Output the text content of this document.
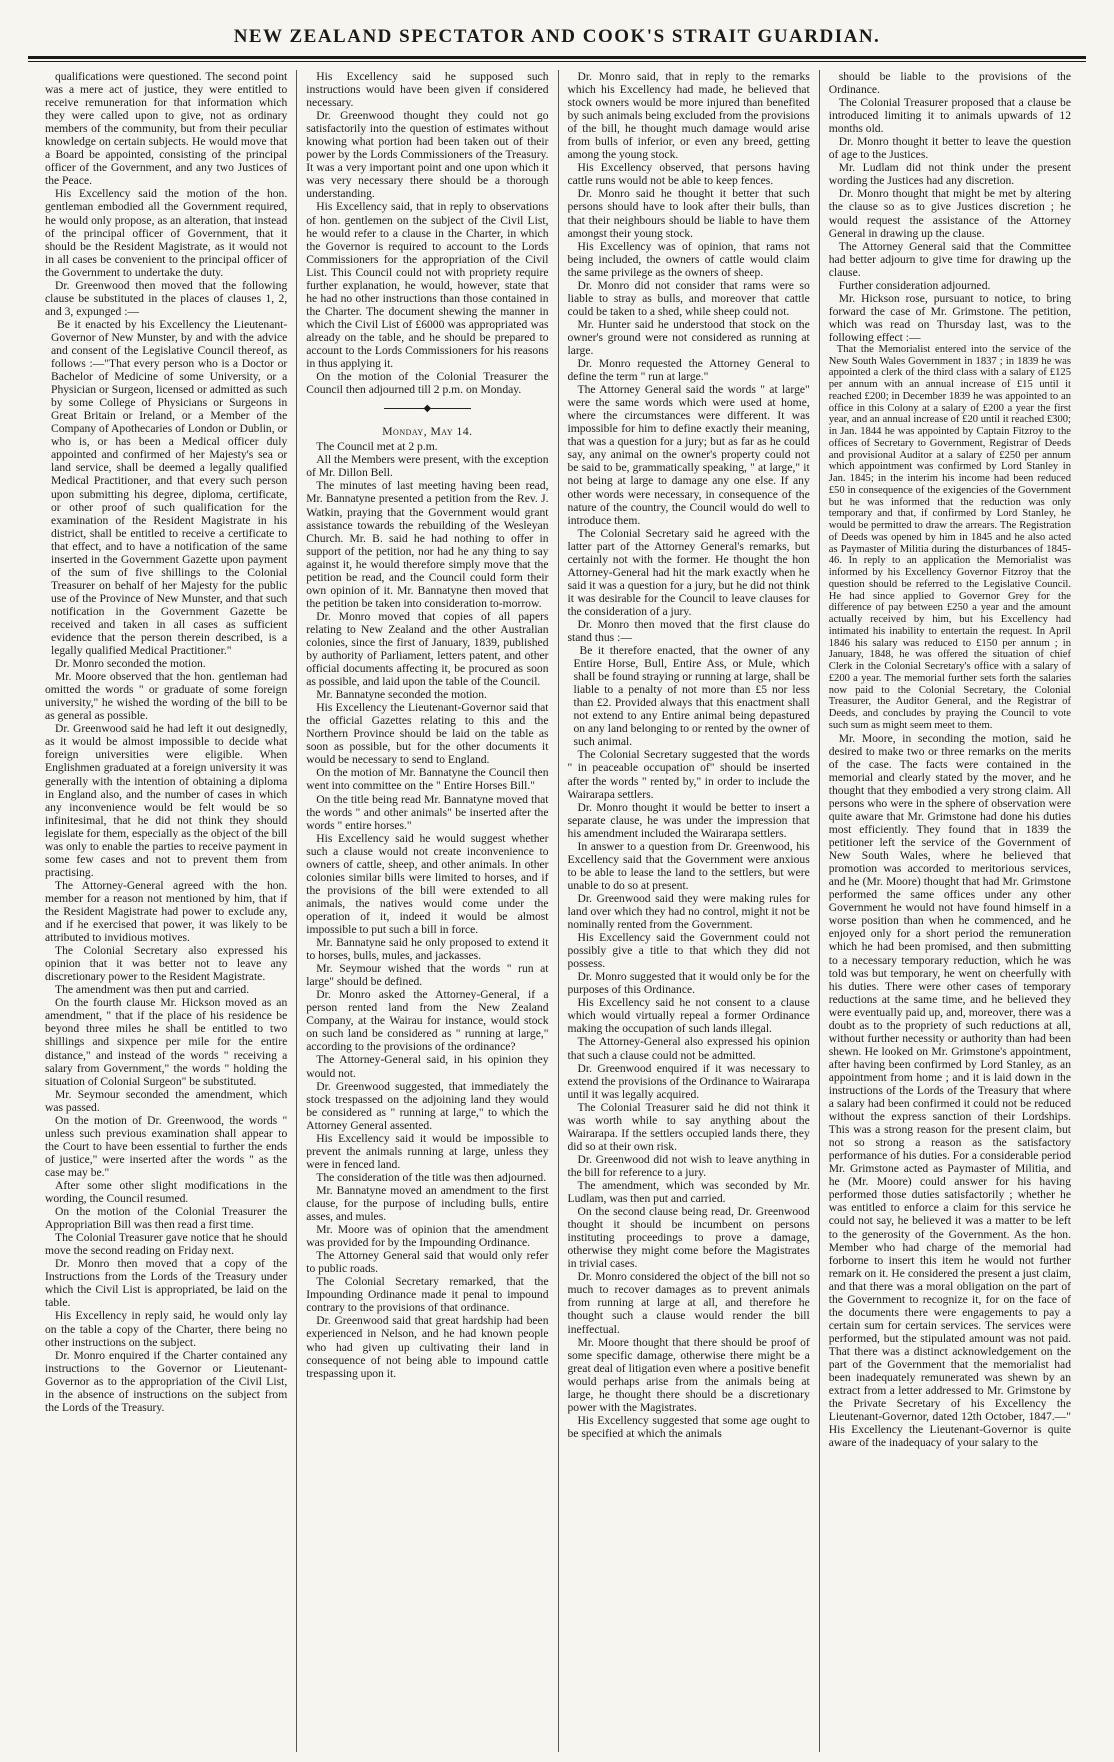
NEW ZEALAND SPECTATOR AND COOK'S STRAIT GUARDIAN.

qualifications were questioned. The second point was a mere act of justice, they were entitled to receive remuneration for that information which they were called upon to give, not as ordinary members of the community, but from their peculiar knowledge on certain subjects. He would move that a Board be appointed, consisting of the principal officer of the Government, and any two Justices of the Peace.

His Excellency said the motion of the hon. gentleman embodied all the Government required, he would only propose, as an alteration, that instead of the principal officer of Government, that it should be the Resident Magistrate, as it would not in all cases be convenient to the principal officer of the Government to undertake the duty.

Dr. Greenwood then moved that the following clause be substituted in the places of clauses 1, 2, and 3, expunged :—

Be it enacted by his Excellency the Lieutenant-Governor of New Munster, by and with the advice and consent of the Legislative Council thereof, as follows :—"That every person who is a Doctor or Bachelor of Medicine of some University, or a Physician or Surgeon, licensed or admitted as such by some College of Physicians or Surgeons in Great Britain or Ireland, or a Member of the Company of Apothecaries of London or Dublin, or who is, or has been a Medical officer duly appointed and confirmed of her Majesty's sea or land service, shall be deemed a legally qualified Medical Practitioner, and that every such person upon submitting his degree, diploma, certificate, or other proof of such qualification for the examination of the Resident Magistrate in his district, shall be entitled to receive a certificate to that effect, and to have a notification of the same inserted in the Government Gazette upon payment of the sum of five shillings to the Colonial Treasurer on behalf of her Majesty for the public use of the Province of New Munster, and that such notification in the Government Gazette be received and taken in all cases as sufficient evidence that the person therein described, is a legally qualified Medical Practitioner."

Dr. Monro seconded the motion.

Mr. Moore observed that the hon. gentleman had omitted the words " or graduate of some foreign university," he wished the wording of the bill to be as general as possible.

Dr. Greenwood said he had left it out designedly, as it would be almost impossible to decide what foreign universities were eligible. When Englishmen graduated at a foreign university it was generally with the intention of obtaining a diploma in England also, and the number of cases in which any inconvenience would be felt would be so infinitesimal, that he did not think they should legislate for them, especially as the object of the bill was only to enable the parties to receive payment in some few cases and not to prevent them from practising.

The Attorney-General agreed with the hon. member for a reason not mentioned by him, that if the Resident Magistrate had power to exclude any, and if he exercised that power, it was likely to be attributed to invidious motives.

The Colonial Secretary also expressed his opinion that it was better not to leave any discretionary power to the Resident Magistrate.

The amendment was then put and carried.

On the fourth clause Mr. Hickson moved as an amendment, " that if the place of his residence be beyond three miles he shall be entitled to two shillings and sixpence per mile for the entire distance," and instead of the words " receiving a salary from Government," the words " holding the situation of Colonial Surgeon" be substituted.

Mr. Seymour seconded the amendment, which was passed.

On the motion of Dr. Greenwood, the words " unless such previous examination shall appear to the Court to have been essential to further the ends of justice," were inserted after the words " as the case may be."

After some other slight modifications in the wording, the Council resumed.

On the motion of the Colonial Treasurer the Appropriation Bill was then read a first time.

The Colonial Treasurer gave notice that he should move the second reading on Friday next.

Dr. Monro then moved that a copy of the Instructions from the Lords of the Treasury under which the Civil List is appropriated, be laid on the table.

His Excellency in reply said, he would only lay on the table a copy of the Charter, there being no other instructions on the subject.

Dr. Monro enquired if the Charter contained any instructions to the Governor or Lieutenant-Governor as to the appropriation of the Civil List, in the absence of instructions on the subject from the Lords of the Treasury.

His Excellency said he supposed such instructions would have been given if considered necessary.

Dr. Greenwood thought they could not go satisfactorily into the question of estimates without knowing what portion had been taken out of their power by the Lords Commissioners of the Treasury. It was a very important point and one upon which it was very necessary there should be a thorough understanding.

His Excellency said, that in reply to observations of hon. gentlemen on the subject of the Civil List, he would refer to a clause in the Charter, in which the Governor is required to account to the Lords Commissioners for the appropriation of the Civil List. This Council could not with propriety require further explanation, he would, however, state that he had no other instructions than those contained in the Charter. The document shewing the manner in which the Civil List of £6000 was appropriated was already on the table, and he should be prepared to account to the Lords Commissioners for his reasons in thus applying it.

On the motion of the Colonial Treasurer the Council then adjourned till 2 p.m. on Monday.

◆

Monday, May 14.

The Council met at 2 p.m.

All the Members were present, with the exception of Mr. Dillon Bell.

The minutes of last meeting having been read, Mr. Bannatyne presented a petition from the Rev. J. Watkin, praying that the Government would grant assistance towards the rebuilding of the Wesleyan Church. Mr. B. said he had nothing to offer in support of the petition, nor had he any thing to say against it, he would therefore simply move that the petition be read, and the Council could form their own opinion of it. Mr. Bannatyne then moved that the petition be taken into consideration to-morrow.

Dr. Monro moved that copies of all papers relating to New Zealand and the other Australian colonies, since the first of January, 1839, published by authority of Parliament, letters patent, and other official documents affecting it, be procured as soon as possible, and laid upon the table of the Council.

Mr. Bannatyne seconded the motion.

His Excellency the Lieutenant-Governor said that the official Gazettes relating to this and the Northern Province should be laid on the table as soon as possible, but for the other documents it would be necessary to send to England.

On the motion of Mr. Bannatyne the Council then went into committee on the " Entire Horses Bill."

On the title being read Mr. Bannatyne moved that the words " and other animals" be inserted after the words " entire horses."

His Excellency said he would suggest whether such a clause would not create inconvenience to owners of cattle, sheep, and other animals. In other colonies similar bills were limited to horses, and if the provisions of the bill were extended to all animals, the natives would come under the operation of it, indeed it would be almost impossible to put such a bill in force.

Mr. Bannatyne said he only proposed to extend it to horses, bulls, mules, and jackasses.

Mr. Seymour wished that the words " run at large" should be defined.

Dr. Monro asked the Attorney-General, if a person rented land from the New Zealand Company, at the Wairau for instance, would stock on such land be considered as " running at large," according to the provisions of the ordinance?

The Attorney-General said, in his opinion they would not.

Dr. Greenwood suggested, that immediately the stock trespassed on the adjoining land they would be considered as " running at large," to which the Attorney General assented.

His Excellency said it would be impossible to prevent the animals running at large, unless they were in fenced land.

The consideration of the title was then adjourned.

Mr. Bannatyne moved an amendment to the first clause, for the purpose of including bulls, entire asses, and mules.

Mr. Moore was of opinion that the amendment was provided for by the Impounding Ordinance.

The Attorney General said that would only refer to public roads.

The Colonial Secretary remarked, that the Impounding Ordinance made it penal to impound contrary to the provisions of that ordinance.

Dr. Greenwood said that great hardship had been experienced in Nelson, and he had known people who had given up cultivating their land in consequence of not being able to impound cattle trespassing upon it.

Dr. Monro said, that in reply to the remarks which his Excellency had made, he believed that stock owners would be more injured than benefited by such animals being excluded from the provisions of the bill, he thought much damage would arise from bulls of inferior, or even any breed, getting among the young stock.

His Excellency observed, that persons having cattle runs would not be able to keep fences.

Dr. Monro said he thought it better that such persons should have to look after their bulls, than that their neighbours should be liable to have them amongst their young stock.

His Excellency was of opinion, that rams not being included, the owners of cattle would claim the same privilege as the owners of sheep.

Dr. Monro did not consider that rams were so liable to stray as bulls, and moreover that cattle could be taken to a shed, while sheep could not.

Mr. Hunter said he understood that stock on the owner's ground were not considered as running at large.

Dr. Monro requested the Attorney General to define the term " run at large."

The Attorney General said the words " at large" were the same words which were used at home, where the circumstances were different. It was impossible for him to define exactly their meaning, that was a question for a jury; but as far as he could say, any animal on the owner's property could not be said to be, grammatically speaking, " at large," it not being at large to damage any one else. If any other words were necessary, in consequence of the nature of the country, the Council would do well to introduce them.

The Colonial Secretary said he agreed with the latter part of the Attorney General's remarks, but certainly not with the former. He thought the hon Attorney-General had hit the mark exactly when he said it was a question for a jury, but he did not think it was desirable for the Council to leave clauses for the consideration of a jury.

Dr. Monro then moved that the first clause do stand thus :—

Be it therefore enacted, that the owner of any Entire Horse, Bull, Entire Ass, or Mule, which shall be found straying or running at large, shall be liable to a penalty of not more than £5 nor less than £2. Provided always that this enactment shall not extend to any Entire animal being depastured on any land belonging to or rented by the owner of such animal.

The Colonial Secretary suggested that the words " in peaceable occupation of" should be inserted after the words " rented by," in order to include the Wairarapa settlers.

Dr. Monro thought it would be better to insert a separate clause, he was under the impression that his amendment included the Wairarapa settlers.

In answer to a question from Dr. Greenwood, his Excellency said that the Government were anxious to be able to lease the land to the settlers, but were unable to do so at present.

Dr. Greenwood said they were making rules for land over which they had no control, might it not be nominally rented from the Government.

His Excellency said the Government could not possibly give a title to that which they did not possess.

Dr. Monro suggested that it would only be for the purposes of this Ordinance.

His Excellency said he not consent to a clause which would virtually repeal a former Ordinance making the occupation of such lands illegal.

The Attorney-General also expressed his opinion that such a clause could not be admitted.

Dr. Greenwood enquired if it was necessary to extend the provisions of the Ordinance to Wairarapa until it was legally acquired.

The Colonial Treasurer said he did not think it was worth while to say anything about the Wairarapa. If the settlers occupied lands there, they did so at their own risk.

Dr. Greenwood did not wish to leave anything in the bill for reference to a jury.

The amendment, which was seconded by Mr. Ludlam, was then put and carried.

On the second clause being read, Dr. Greenwood thought it should be incumbent on persons instituting proceedings to prove a damage, otherwise they might come before the Magistrates in trivial cases.

Dr. Monro considered the object of the bill not so much to recover damages as to prevent animals from running at large at all, and therefore he thought such a clause would render the bill ineffectual.

Mr. Moore thought that there should be proof of some specific damage, otherwise there might be a great deal of litigation even where a positive benefit would perhaps arise from the animals being at large, he thought there should be a discretionary power with the Magistrates.

His Excellency suggested that some age ought to be specified at which the animals

should be liable to the provisions of the Ordinance.

The Colonial Treasurer proposed that a clause be introduced limiting it to animals upwards of 12 months old.

Dr. Monro thought it better to leave the question of age to the Justices.

Mr. Ludlam did not think under the present wording the Justices had any discretion.

Dr. Monro thought that might be met by altering the clause so as to give Justices discretion ; he would request the assistance of the Attorney General in drawing up the clause.

The Attorney General said that the Committee had better adjourn to give time for drawing up the clause.

Further consideration adjourned.

Mr. Hickson rose, pursuant to notice, to bring forward the case of Mr. Grimstone. The petition, which was read on Thursday last, was to the following effect :—

That the Memorialist entered into the service of the New South Wales Government in 1837 ; in 1839 he was appointed a clerk of the third class with a salary of £125 per annum with an annual increase of £15 until it reached £200; in December 1839 he was appointed to an office in this Colony at a salary of £200 a year the first year, and an annual increase of £20 until it reached £300; in Jan. 1844 he was appointed by Captain Fitzroy to the offices of Secretary to Government, Registrar of Deeds and provisional Auditor at a salary of £250 per annum which appointment was confirmed by Lord Stanley in Jan. 1845; in the interim his income had been reduced £50 in consequence of the exigencies of the Government but he was informed that the reduction was only temporary and that, if confirmed by Lord Stanley, he would be permitted to draw the arrears. The Registration of Deeds was opened by him in 1845 and he also acted as Paymaster of Militia during the disturbances of 1845-46. In reply to an application the Memorialist was informed by his Excellency Governor Fitzroy that the question should be referred to the Legislative Council. He had since applied to Governor Grey for the difference of pay between £250 a year and the amount actually received by him, but his Excellency had intimated his inability to entertain the request. In April 1846 his salary was reduced to £150 per annum ; in January, 1848, he was offered the situation of chief Clerk in the Colonial Secretary's office with a salary of £200 a year. The memorial further sets forth the salaries now paid to the Colonial Secretary, the Colonial Treasurer, the Auditor General, and the Registrar of Deeds, and concludes by praying the Council to vote such sum as might seem meet to them.

Mr. Moore, in seconding the motion, said he desired to make two or three remarks on the merits of the case. The facts were contained in the memorial and clearly stated by the mover, and he thought that they embodied a very strong claim. All persons who were in the sphere of observation were quite aware that Mr. Grimstone had done his duties most efficiently. They found that in 1839 the petitioner left the service of the Government of New South Wales, where he believed that promotion was accorded to meritorious services, and he (Mr. Moore) thought that had Mr. Grimstone performed the same offices under any other Government he would not have found himself in a worse position than when he commenced, and he enjoyed only for a short period the remuneration which he had been promised, and then submitting to a necessary temporary reduction, which he was told was but temporary, he went on cheerfully with his duties. There were other cases of temporary reductions at the same time, and he believed they were eventually paid up, and, moreover, there was a doubt as to the propriety of such reductions at all, without further necessity or authority than had been shewn. He looked on Mr. Grimstone's appointment, after having been confirmed by Lord Stanley, as an appointment from home ; and it is laid down in the instructions of the Lords of the Treasury that where a salary had been confirmed it could not be reduced without the express sanction of their Lordships. This was a strong reason for the present claim, but not so strong a reason as the satisfactory performance of his duties. For a considerable period Mr. Grimstone acted as Paymaster of Militia, and he (Mr. Moore) could answer for his having performed those duties satisfactorily ; whether he was entitled to enforce a claim for this service he could not say, he believed it was a matter to be left to the generosity of the Government. As the hon. Member who had charge of the memorial had forborne to insert this item he would not further remark on it. He considered the present a just claim, and that there was a moral obligation on the part of the Government to recognize it, for on the face of the documents there were engagements to pay a certain sum for certain services. The services were performed, but the stipulated amount was not paid. That there was a distinct acknowledgement on the part of the Government that the memorialist had been inadequately remunerated was shewn by an extract from a letter addressed to Mr. Grimstone by the Private Secretary of his Excellency the Lieutenant-Governor, dated 12th October, 1847.—" His Excellency the Lieutenant-Governor is quite aware of the inadequacy of your salary to the
